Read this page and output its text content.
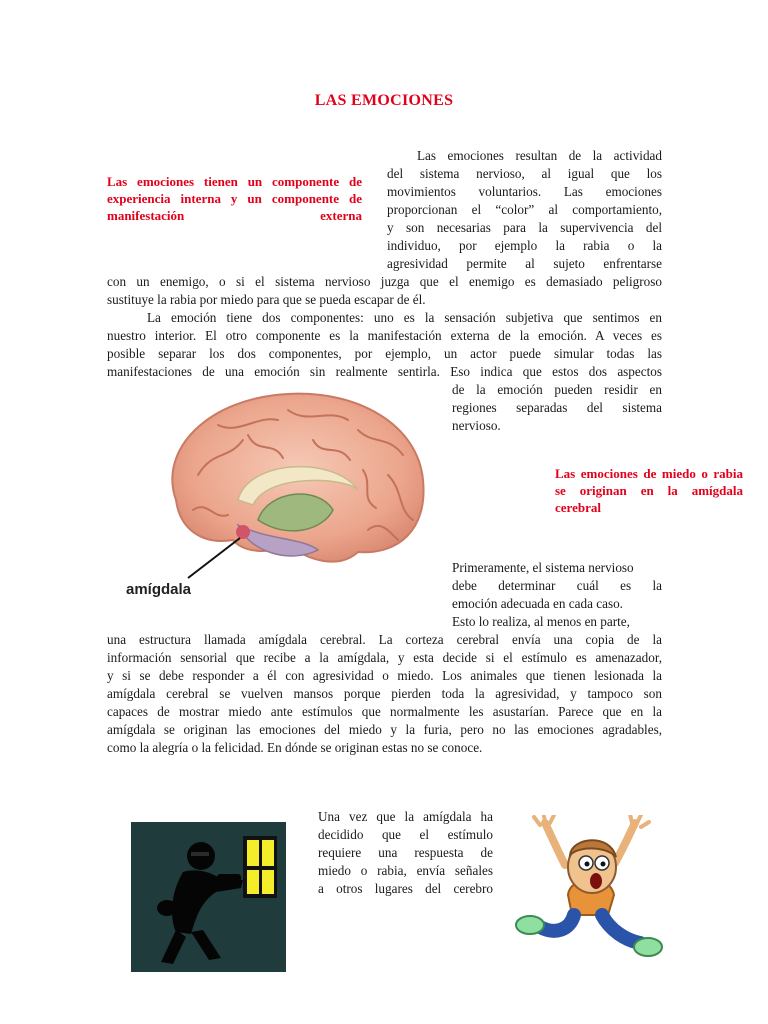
LAS EMOCIONES
Las emociones tienen un componente de experiencia interna y un componente de manifestación externa
Las emociones resultan de la actividad
del sistema nervioso, al igual que los
movimientos voluntarios. Las emociones
proporcionan el “color” al comportamiento,
y son necesarias para la supervivencia del
individuo, por ejemplo la rabia o la
agresividad permite al sujeto enfrentarse
con un enemigo, o si el sistema nervioso juzga que el enemigo es demasiado peligroso
sustituye la rabia por miedo para que se pueda escapar de él.
La emoción tiene dos componentes: uno es la sensación subjetiva que sentimos en
nuestro interior. El otro componente es la manifestación externa de la emoción. A veces es
posible separar los dos componentes, por ejemplo, un actor puede simular todas las
manifestaciones de una emoción sin realmente sentirla. Eso indica que estos dos aspectos
de la emoción pueden residir en
regiones separadas del sistema
nervioso.
amígdala
Las emociones de miedo o rabia se originan en la amígdala cerebral
Primeramente, el sistema nervioso
debe determinar cuál es la
emoción adecuada en cada caso.
Esto lo realiza, al menos en parte,
una estructura llamada amígdala cerebral. La corteza cerebral envía una copia de la
información sensorial que recibe a la amígdala, y esta decide si el estímulo es amenazador,
y si se debe responder a él con agresividad o miedo. Los animales que tienen lesionada la
amígdala cerebral se vuelven mansos porque pierden toda la agresividad, y tampoco son
capaces de mostrar miedo ante estímulos que normalmente les asustarían. Parece que en la
amígdala se originan las emociones del miedo y la furia, pero no las emociones agradables,
como la alegría o la felicidad. En dónde se originan estas no se conoce.
Una vez que la amígdala ha
decidido que el estímulo
requiere una respuesta de
miedo o rabia, envía señales
a otros lugares del cerebro
